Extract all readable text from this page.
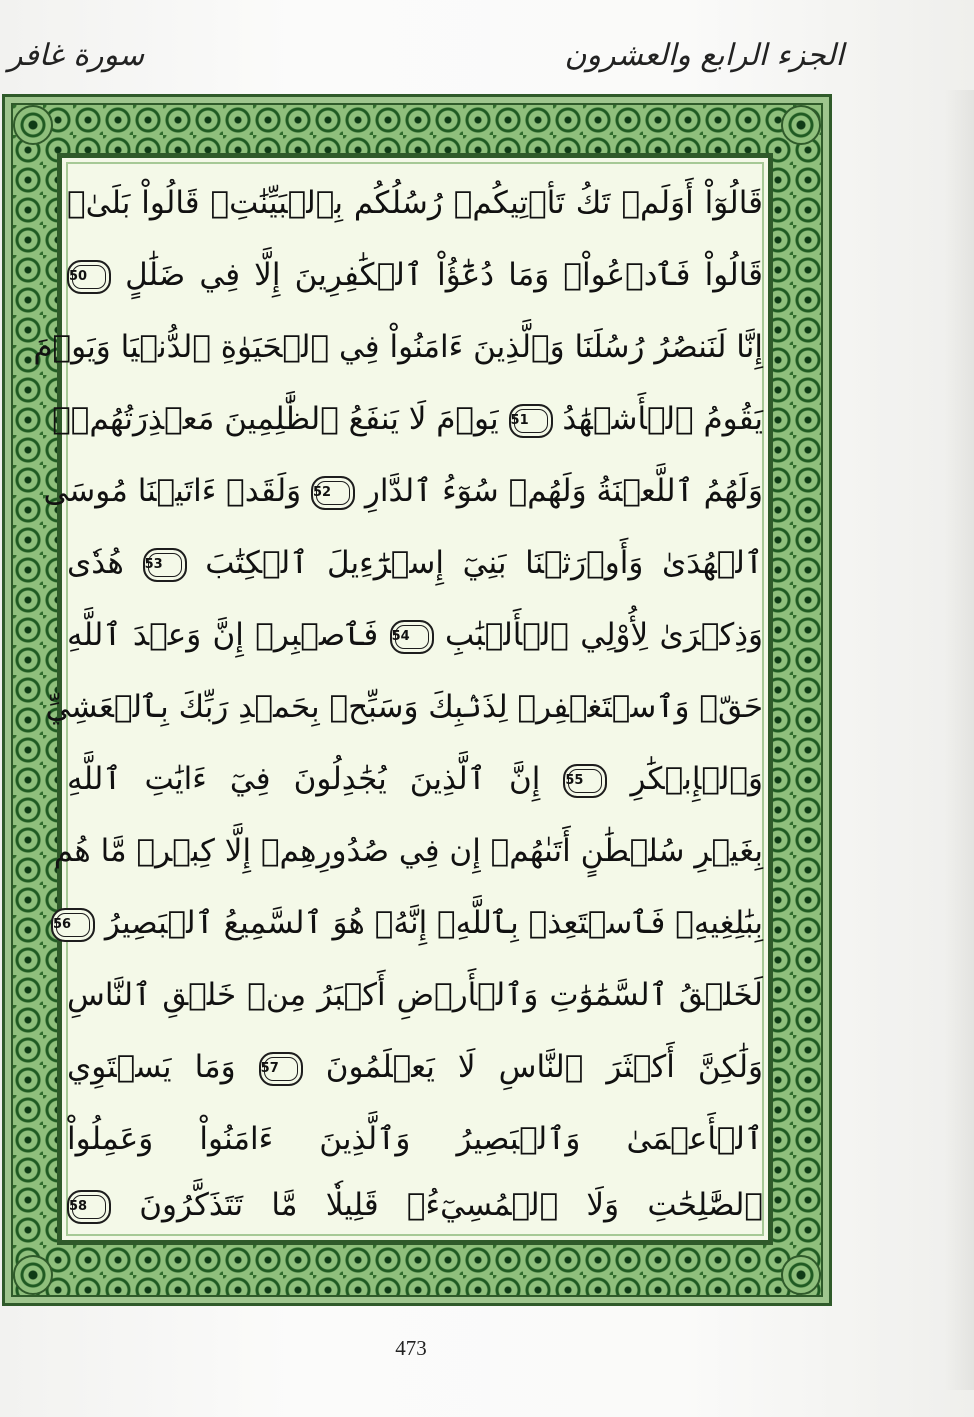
الجزء الرابع والعشرون
سورة غافر
قَالُوٓاْ أَوَلَمۡ تَكُ تَأۡتِيكُمۡ رُسُلُكُم بِٱلۡبَيِّنَٰتِۖ قَالُواْ بَلَىٰۚ
قَالُواْ فَٱدۡعُواْۗ وَمَا دُعَٰٓؤُاْ ٱلۡكَٰفِرِينَ إِلَّا فِي ضَلَٰلٍ 50
إِنَّا لَنَنصُرُ رُسُلَنَا وَٱلَّذِينَ ءَامَنُواْ فِي ٱلۡحَيَوٰةِ ٱلدُّنۡيَا وَيَوۡمَ
يَقُومُ ٱلۡأَشۡهَٰدُ 51 يَوۡمَ لَا يَنفَعُ ٱلظَّٰلِمِينَ مَعۡذِرَتُهُمۡۖ
وَلَهُمُ ٱللَّعۡنَةُ وَلَهُمۡ سُوٓءُ ٱلدَّارِ 52 وَلَقَدۡ ءَاتَيۡنَا مُوسَى
ٱلۡهُدَىٰ وَأَوۡرَثۡنَا بَنِيٓ إِسۡرَٰٓءِيلَ ٱلۡكِتَٰبَ 53 هُدٗى
وَذِكۡرَىٰ لِأُوْلِي ٱلۡأَلۡبَٰبِ 54 فَٱصۡبِرۡ إِنَّ وَعۡدَ ٱللَّهِ
حَقّٞ وَٱسۡتَغۡفِرۡ لِذَنۢبِكَ وَسَبِّحۡ بِحَمۡدِ رَبِّكَ بِٱلۡعَشِيِّ
وَٱلۡإِبۡكَٰرِ 55 إِنَّ ٱلَّذِينَ يُجَٰدِلُونَ فِيٓ ءَايَٰتِ ٱللَّهِ
بِغَيۡرِ سُلۡطَٰنٍ أَتَىٰهُمۡ إِن فِي صُدُورِهِمۡ إِلَّا كِبۡرٞ مَّا هُم
بِبَٰلِغِيهِۚ فَٱسۡتَعِذۡ بِٱللَّهِۖ إِنَّهُۥ هُوَ ٱلسَّمِيعُ ٱلۡبَصِيرُ 56
لَخَلۡقُ ٱلسَّمَٰوَٰتِ وَٱلۡأَرۡضِ أَكۡبَرُ مِنۡ خَلۡقِ ٱلنَّاسِ
وَلَٰكِنَّ أَكۡثَرَ ٱلنَّاسِ لَا يَعۡلَمُونَ 57 وَمَا يَسۡتَوِي
ٱلۡأَعۡمَىٰ وَٱلۡبَصِيرُ وَٱلَّذِينَ ءَامَنُواْ وَعَمِلُواْ
ٱلصَّٰلِحَٰتِ وَلَا ٱلۡمُسِيٓءُۚ قَلِيلٗا مَّا تَتَذَكَّرُونَ 58
473
